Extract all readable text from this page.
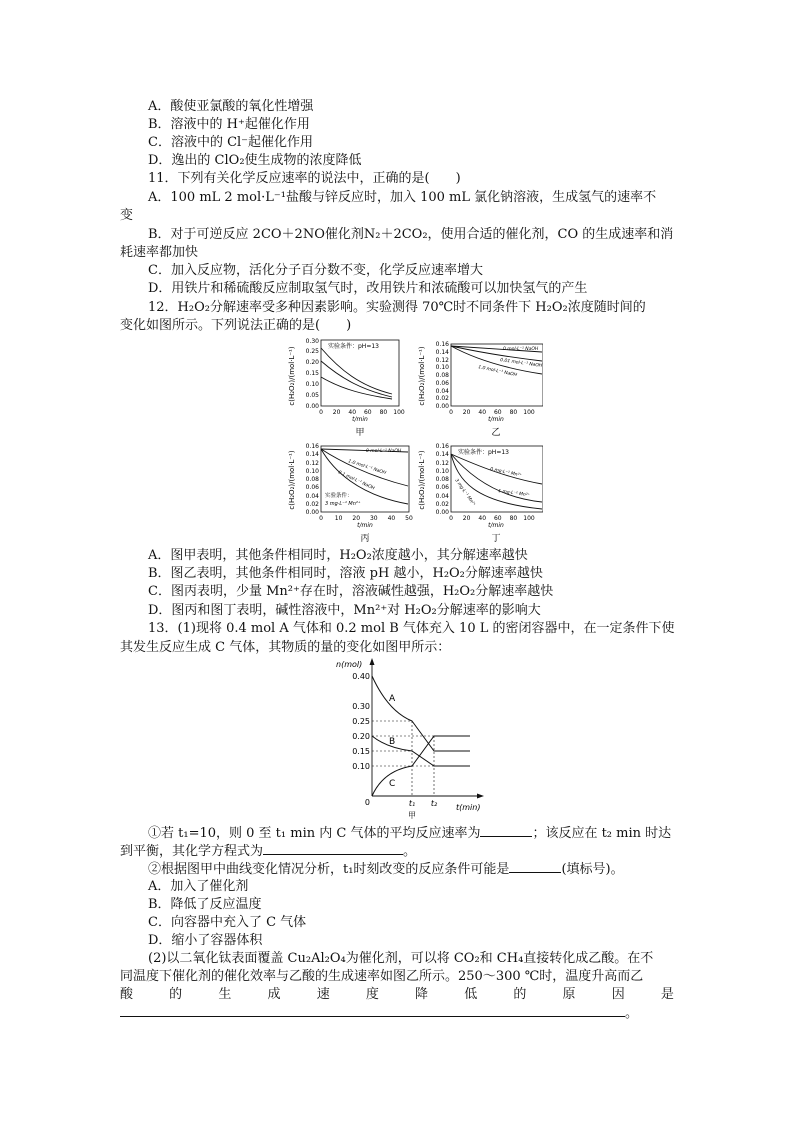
A．酸使亚氯酸的氧化性增强
B．溶液中的 H⁺起催化作用
C．溶液中的 Cl⁻起催化作用
D．逸出的 ClO₂使生成物的浓度降低
11．下列有关化学反应速率的说法中，正确的是(　　)
A．100 mL 2 mol·L⁻¹盐酸与锌反应时，加入 100 mL 氯化钠溶液，生成氢气的速率不
变
B．对于可逆反应 2CO＋2NO催化剂N₂＋2CO₂，使用合适的催化剂，CO 的生成速率和消
耗速率都加快
C．加入反应物，活化分子百分数不变，化学反应速率增大
D．用铁片和稀硫酸反应制取氢气时，改用铁片和浓硫酸可以加快氢气的产生
12．H₂O₂分解速率受多种因素影响。实验测得 70℃时不同条件下 H₂O₂浓度随时间的
变化如图所示。下列说法正确的是(　　)
c(H₂O₂)/(mol·L⁻¹)
0.00
0.05
0.10
0.15
0.20
0.25
0.30
0 20 40 60 80 100
t/min
实验条件：pH=13
甲
c(H₂O₂)/(mol·L⁻¹)
0.00
0.02
0.04
0.06
0.08
0.10
0.12
0.14
0.16
0 20 40 60 80 100
t/min
0 mol·L⁻¹ NaOH
0.01 mol·L⁻¹ NaOH
1.0 mol·L⁻¹ NaOH
乙
c(H₂O₂)/(mol·L⁻¹)
0.00
0.02
0.04
0.06
0.08
0.10
0.12
0.14
0.16
0 10 20 30 40 50
t/min
0 mol·L⁻¹ NaOH
1.0 mol·L⁻¹ NaOH
0.1 mol·L⁻¹ NaOH
实验条件：
3 mg·L⁻¹ Mn²⁺
丙
c(H₂O₂)/(mol·L⁻¹)
0.00
0.02
0.04
0.06
0.08
0.10
0.12
0.14
0.16
0 20 40 60 80 100
t/min
实验条件：pH=13
0 mg·L⁻¹ Mn²⁺
1 mg·L⁻¹ Mn²⁺
3 mg·L⁻¹ Mn²⁺
丁
A．图甲表明，其他条件相同时，H₂O₂浓度越小，其分解速率越快
B．图乙表明，其他条件相同时，溶液 pH 越小，H₂O₂分解速率越快
C．图丙表明，少量 Mn²⁺存在时，溶液碱性越强，H₂O₂分解速率越快
D．图丙和图丁表明，碱性溶液中，Mn²⁺对 H₂O₂分解速率的影响大
13．(1)现将 0.4 mol A 气体和 0.2 mol B 气体充入 10 L 的密闭容器中，在一定条件下使
其发生反应生成 C 气体，其物质的量的变化如图甲所示：
n(mol)
t(min)
0
0.40
0.30
0.25
0.20
0.15
0.10
A
B
C
t₁ t₂
甲
①若 t₁=10，则 0 至 t₁ min 内 C 气体的平均反应速率为	；该反应在 t₂ min 时达
到平衡，其化学方程式为	。
②根据图甲中曲线变化情况分析，t₁时刻改变的反应条件可能是	(填标号)。
A．加入了催化剂
B．降低了反应温度
C．向容器中充入了 C 气体
D．缩小了容器体积
(2)以二氧化钛表面覆盖 Cu₂Al₂O₄为催化剂，可以将 CO₂和 CH₄直接转化成乙酸。在不
同温度下催化剂的催化效率与乙酸的生成速率如图乙所示。250～300 ℃时，温度升高而乙
酸	的	生	成	速	度	降	低	的	原	因	是
。
